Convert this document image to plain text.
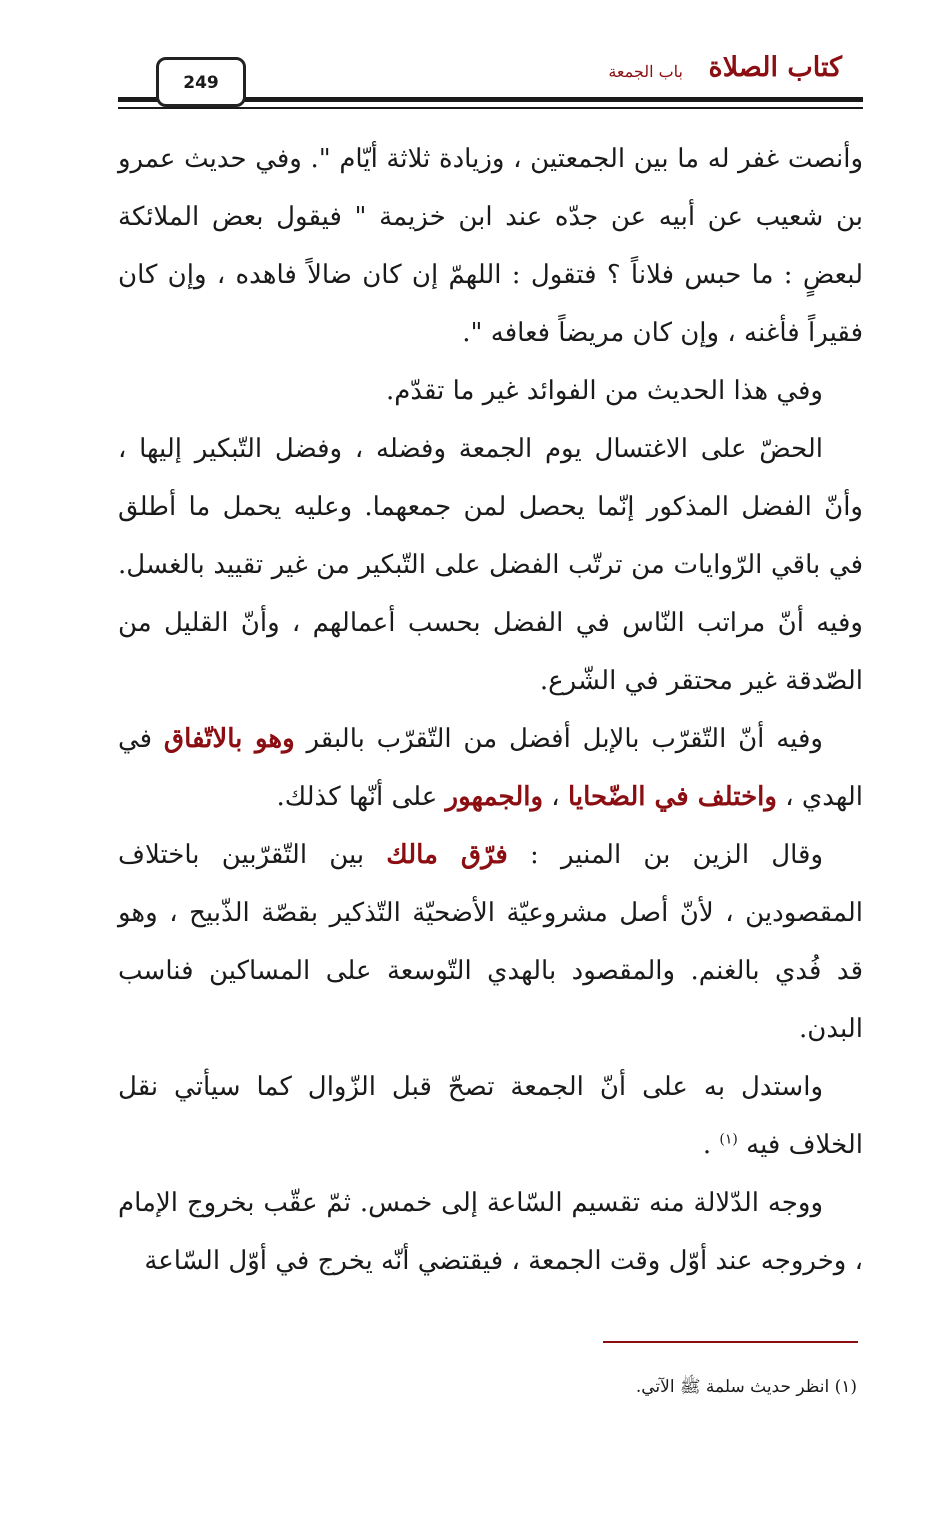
كتاب الصلاة
باب الجمعة
249

وأنصت غفر له ما بين الجمعتين ، وزيادة ثلاثة أيّام ". وفي حديث عمرو بن شعيب عن أبيه عن جدّه عند ابن خزيمة " فيقول بعض الملائكة لبعضٍ : ما حبس فلاناً ؟ فتقول : اللهمّ إن كان ضالاً فاهده ، وإن كان فقيراً فأغنه ، وإن كان مريضاً فعافه ".

وفي هذا الحديث من الفوائد غير ما تقدّم.

الحضّ على الاغتسال يوم الجمعة وفضله ، وفضل التّبكير إليها ، وأنّ الفضل المذكور إنّما يحصل لمن جمعهما. وعليه يحمل ما أطلق في باقي الرّوايات من ترتّب الفضل على التّبكير من غير تقييد بالغسل. وفيه أنّ مراتب النّاس في الفضل بحسب أعمالهم ، وأنّ القليل من الصّدقة غير محتقر في الشّرع.

وفيه أنّ التّقرّب بالإبل أفضل من التّقرّب بالبقر وهو بالاتّفاق في الهدي ، واختلف في الضّحايا ، والجمهور على أنّها كذلك.

وقال الزين بن المنير : فرّق مالك بين التّقرّبين باختلاف المقصودين ، لأنّ أصل مشروعيّة الأضحيّة التّذكير بقصّة الذّبيح ، وهو قد فُدي بالغنم. والمقصود بالهدي التّوسعة على المساكين فناسب البدن.

واستدل به على أنّ الجمعة تصحّ قبل الزّوال كما سيأتي نقل الخلاف فيه $^{(١)}$ .

ووجه الدّلالة منه تقسيم السّاعة إلى خمس. ثمّ عقّب بخروج الإمام ، وخروجه عند أوّل وقت الجمعة ، فيقتضي أنّه يخرج في أوّل السّاعة

(١) انظر حديث سلمة ﷺ الآتي.
